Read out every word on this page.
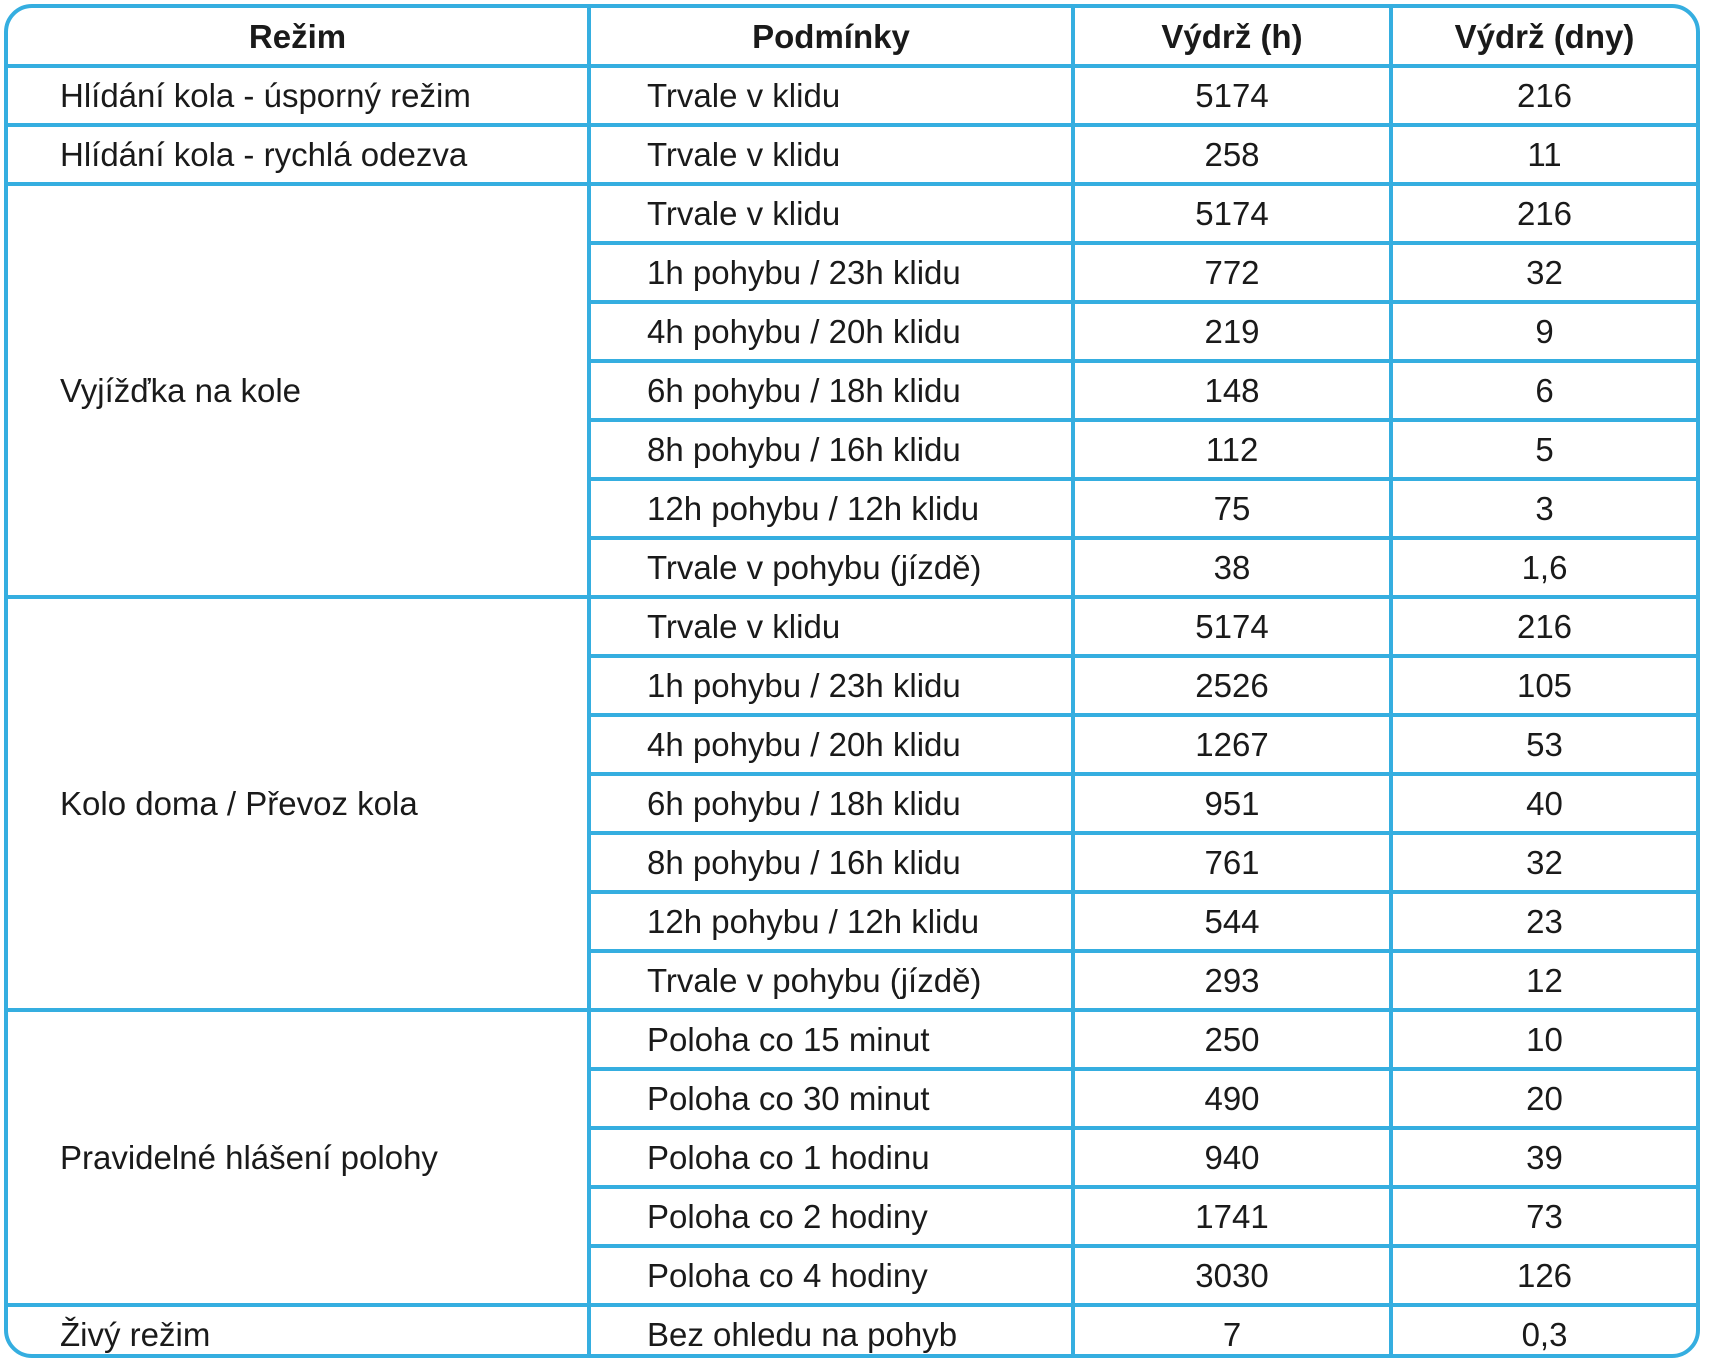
Režim	Podmínky	Výdrž (h)	Výdrž (dny)
Hlídání kola - úsporný režim	Trvale v klidu	5174	216
Hlídání kola - rychlá odezva	Trvale v klidu	258	11
Vyjížďka na kole	Trvale v klidu	5174	216
	1h pohybu / 23h klidu	772	32
	4h pohybu / 20h klidu	219	9
	6h pohybu / 18h klidu	148	6
	8h pohybu / 16h klidu	112	5
	12h pohybu / 12h klidu	75	3
	Trvale v pohybu (jízdě)	38	1,6
Kolo doma / Převoz kola	Trvale v klidu	5174	216
	1h pohybu / 23h klidu	2526	105
	4h pohybu / 20h klidu	1267	53
	6h pohybu / 18h klidu	951	40
	8h pohybu / 16h klidu	761	32
	12h pohybu / 12h klidu	544	23
	Trvale v pohybu (jízdě)	293	12
Pravidelné hlášení polohy	Poloha co 15 minut	250	10
	Poloha co 30 minut	490	20
	Poloha co 1 hodinu	940	39
	Poloha co 2 hodiny	1741	73
	Poloha co 4 hodiny	3030	126
Živý režim	Bez ohledu na pohyb	7	0,3
